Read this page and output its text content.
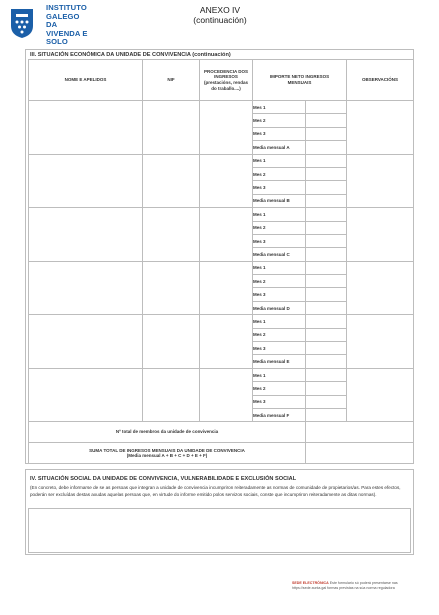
INSTITUTO
GALEGO DA
VIVENDA E SOLO
ANEXO IV
(continuación)
III. SITUACIÓN ECONÓMICA DA UNIDADE DE CONVIVENCIA (continuación)
NOME E APELIDOS	NIF	PROCEDENCIA DOS INGRESOS (prestacións, rendas do traballo....)	IMPORTE NETO INGRESOS MENSUAIS		OBSERVACIÓNS
			Mes 1		
			Mes 2		
			Mes 3		
			Media mensual A		
			Mes 1		
			Mes 2		
			Mes 3		
			Media mensual B		
			Mes 1		
			Mes 2		
			Mes 3		
			Media mensual C		
			Mes 1		
			Mes 2		
			Mes 3		
			Media mensual D		
			Mes 1		
			Mes 2		
			Mes 3		
			Media mensual E		
			Mes 1		
			Mes 2		
			Mes 3		
			Media mensual F		
Nº total de membros da unidade de convivencia					

SUMA TOTAL DE INGRESOS MENSUAIS DA UNIDADE DE CONVIVENCIA
(Media mensual A + B + C + D + E + F)					

IV. SITUACIÓN SOCIAL DA UNIDADE DE CONVIVENCIA, VULNERABILIDADE E EXCLUSIÓN SOCIAL
(En concreto, debe informarse de se as persoas que integran a unidade de convivencia incumpriron reiteradamente as normas de comunidade de propietarios/as. Para estes efectos, poderán ser excluídas destas axudas aquelas persoas que, en virtude do informe emitido polos servizos sociais, conste que incumpriron reiteradamente as ditas normas).
SEDE ELECTRÓNICA Este formulario só poderá presentarse nas
https://sede.xunta.gal formas previstas na súa norma reguladora
